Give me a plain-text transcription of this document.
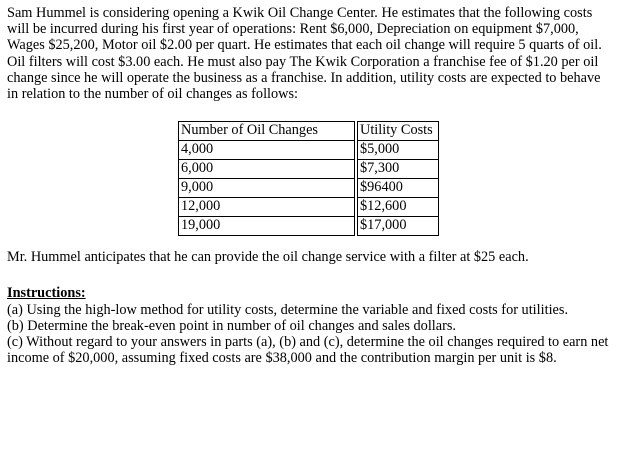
Sam Hummel is considering opening a Kwik Oil Change Center. He estimates that the following costs will be incurred during his first year of operations: Rent $6,000, Depreciation on equipment $7,000, Wages $25,200, Motor oil $2.00 per quart. He estimates that each oil change will require 5 quarts of oil. Oil filters will cost $3.00 each. He must also pay The Kwik Corporation a franchise fee of $1.20 per oil change since he will operate the business as a franchise. In addition, utility costs are expected to behave in relation to the number of oil changes as follows:

Number of Oil Changes		Utility Costs
4,000		$5,000
6,000		$7,300
9,000		$96400
12,000		$12,600
19,000		$17,000

Mr. Hummel anticipates that he can provide the oil change service with a filter at $25 each.

Instructions:

(a) Using the high-low method for utility costs, determine the variable and fixed costs for utilities.

(b) Determine the break-even point in number of oil changes and sales dollars.

(c) Without regard to your answers in parts (a), (b) and (c), determine the oil changes required to earn net income of $20,000, assuming fixed costs are $38,000 and the contribution margin per unit is $8.
